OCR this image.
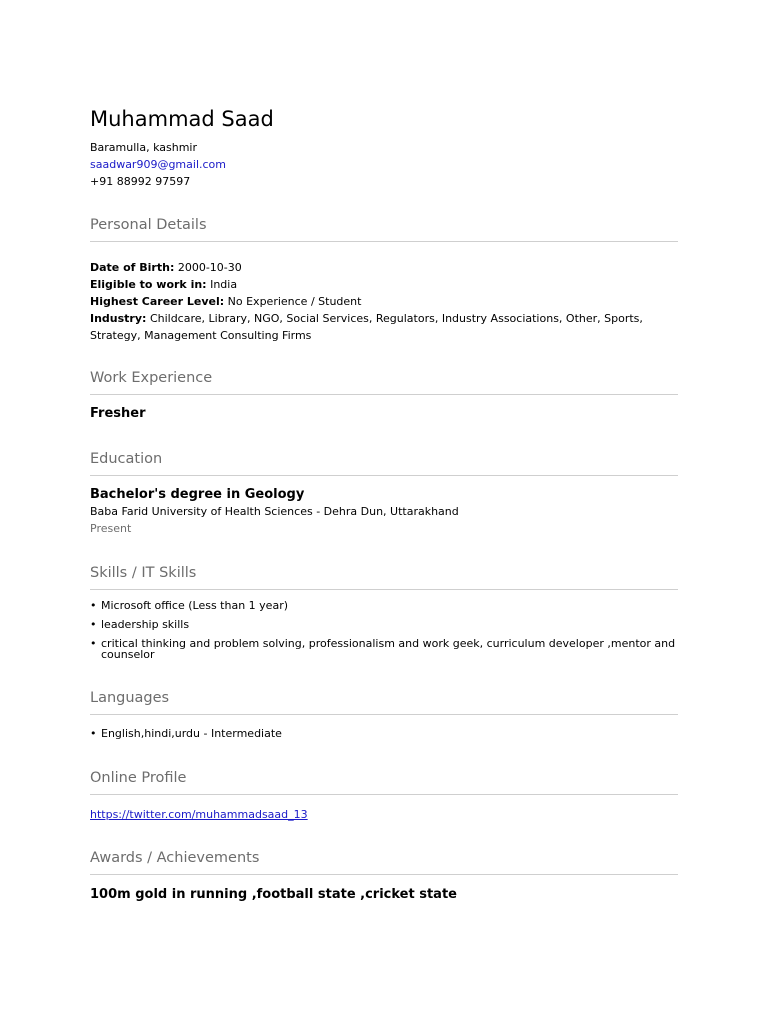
Muhammad Saad
Baramulla, kashmir
saadwar909@gmail.com
+91 88992 97597
Personal Details
Date of Birth: 2000-10-30
Eligible to work in: India
Highest Career Level: No Experience / Student
Industry: Childcare, Library, NGO, Social Services, Regulators, Industry Associations, Other, Sports, Strategy, Management Consulting Firms
Work Experience
Fresher
Education
Bachelor's degree in Geology
Baba Farid University of Health Sciences - Dehra Dun, Uttarakhand
Present
Skills / IT Skills
• Microsoft office (Less than 1 year)
• leadership skills
• critical thinking and problem solving, professionalism and work geek, curriculum developer ,mentor and counselor
Languages
• English,hindi,urdu - Intermediate
Online Profile
https://twitter.com/muhammadsaad_13
Awards / Achievements
100m gold in running ,football state ,cricket state
